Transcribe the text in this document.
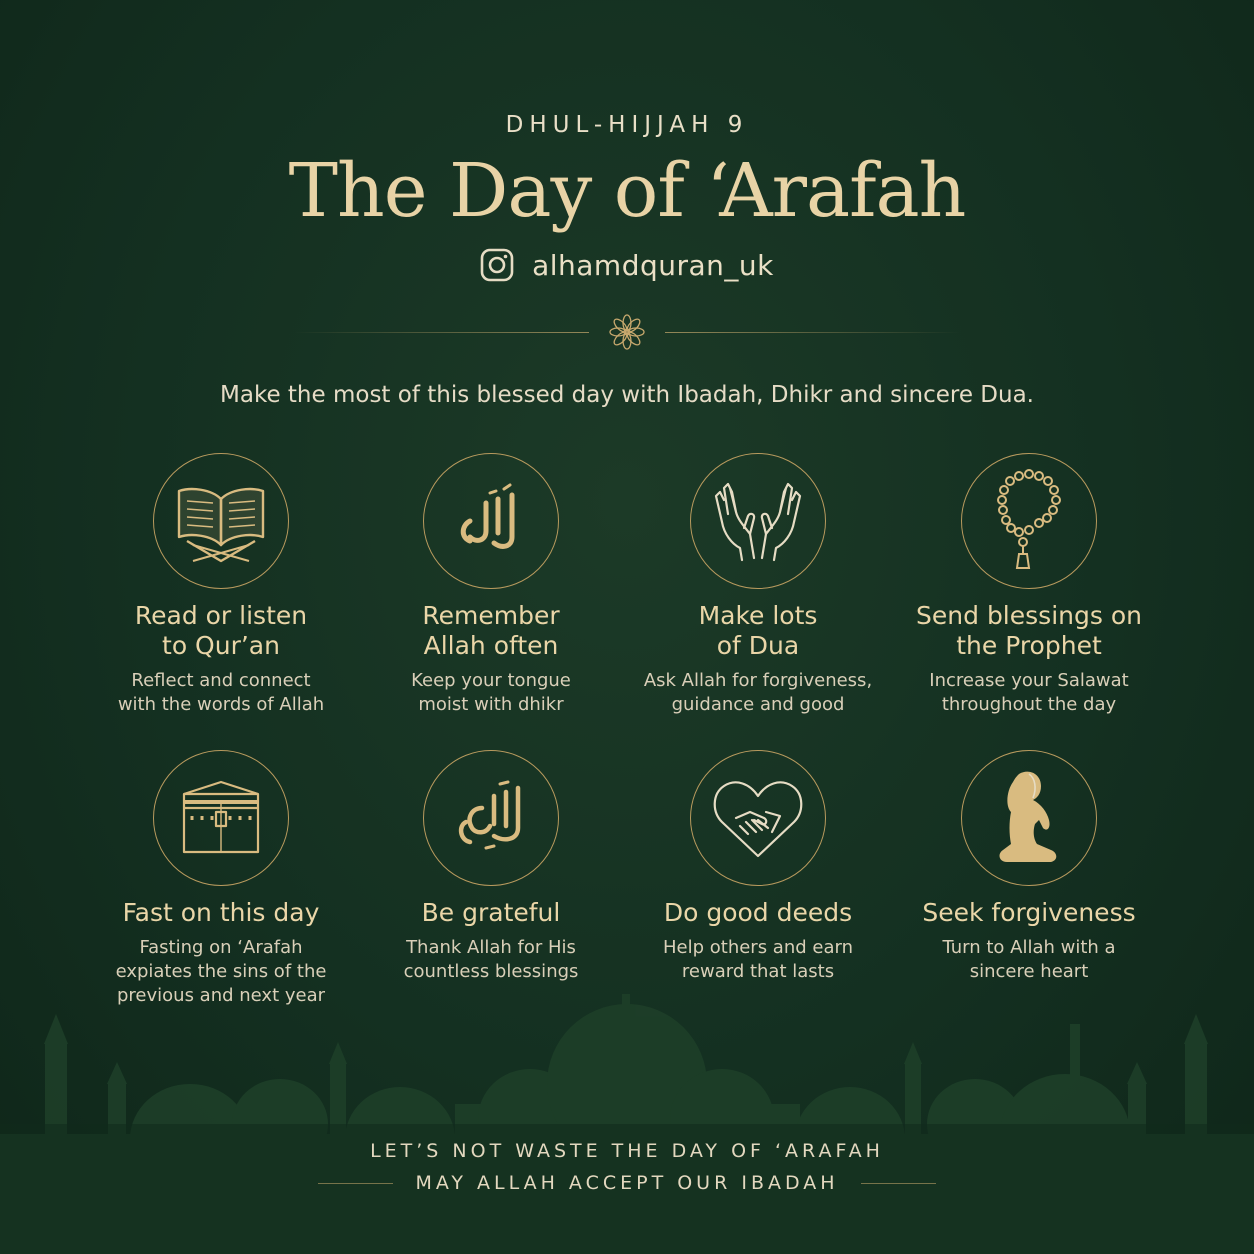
DHUL-HIJJAH 9
The Day of ‘Arafah
alhamdquran_uk
Make the most of this blessed day with Ibadah, Dhikr and sincere Dua.
Read or listen
to Qur’an
Reflect and connect
with the words of Allah
Remember
Allah often
Keep your tongue
moist with dhikr
Make lots
of Dua
Ask Allah for forgiveness,
guidance and good
Send blessings on
the Prophet
Increase your Salawat
throughout the day
Fast on this day
Fasting on ‘Arafah
expiates the sins of the
previous and next year
Be grateful
Thank Allah for His
countless blessings
Do good deeds
Help others and earn
reward that lasts
Seek forgiveness
Turn to Allah with a
sincere heart
LET’S NOT WASTE THE DAY OF ‘ARAFAH
MAY ALLAH ACCEPT OUR IBADAH
